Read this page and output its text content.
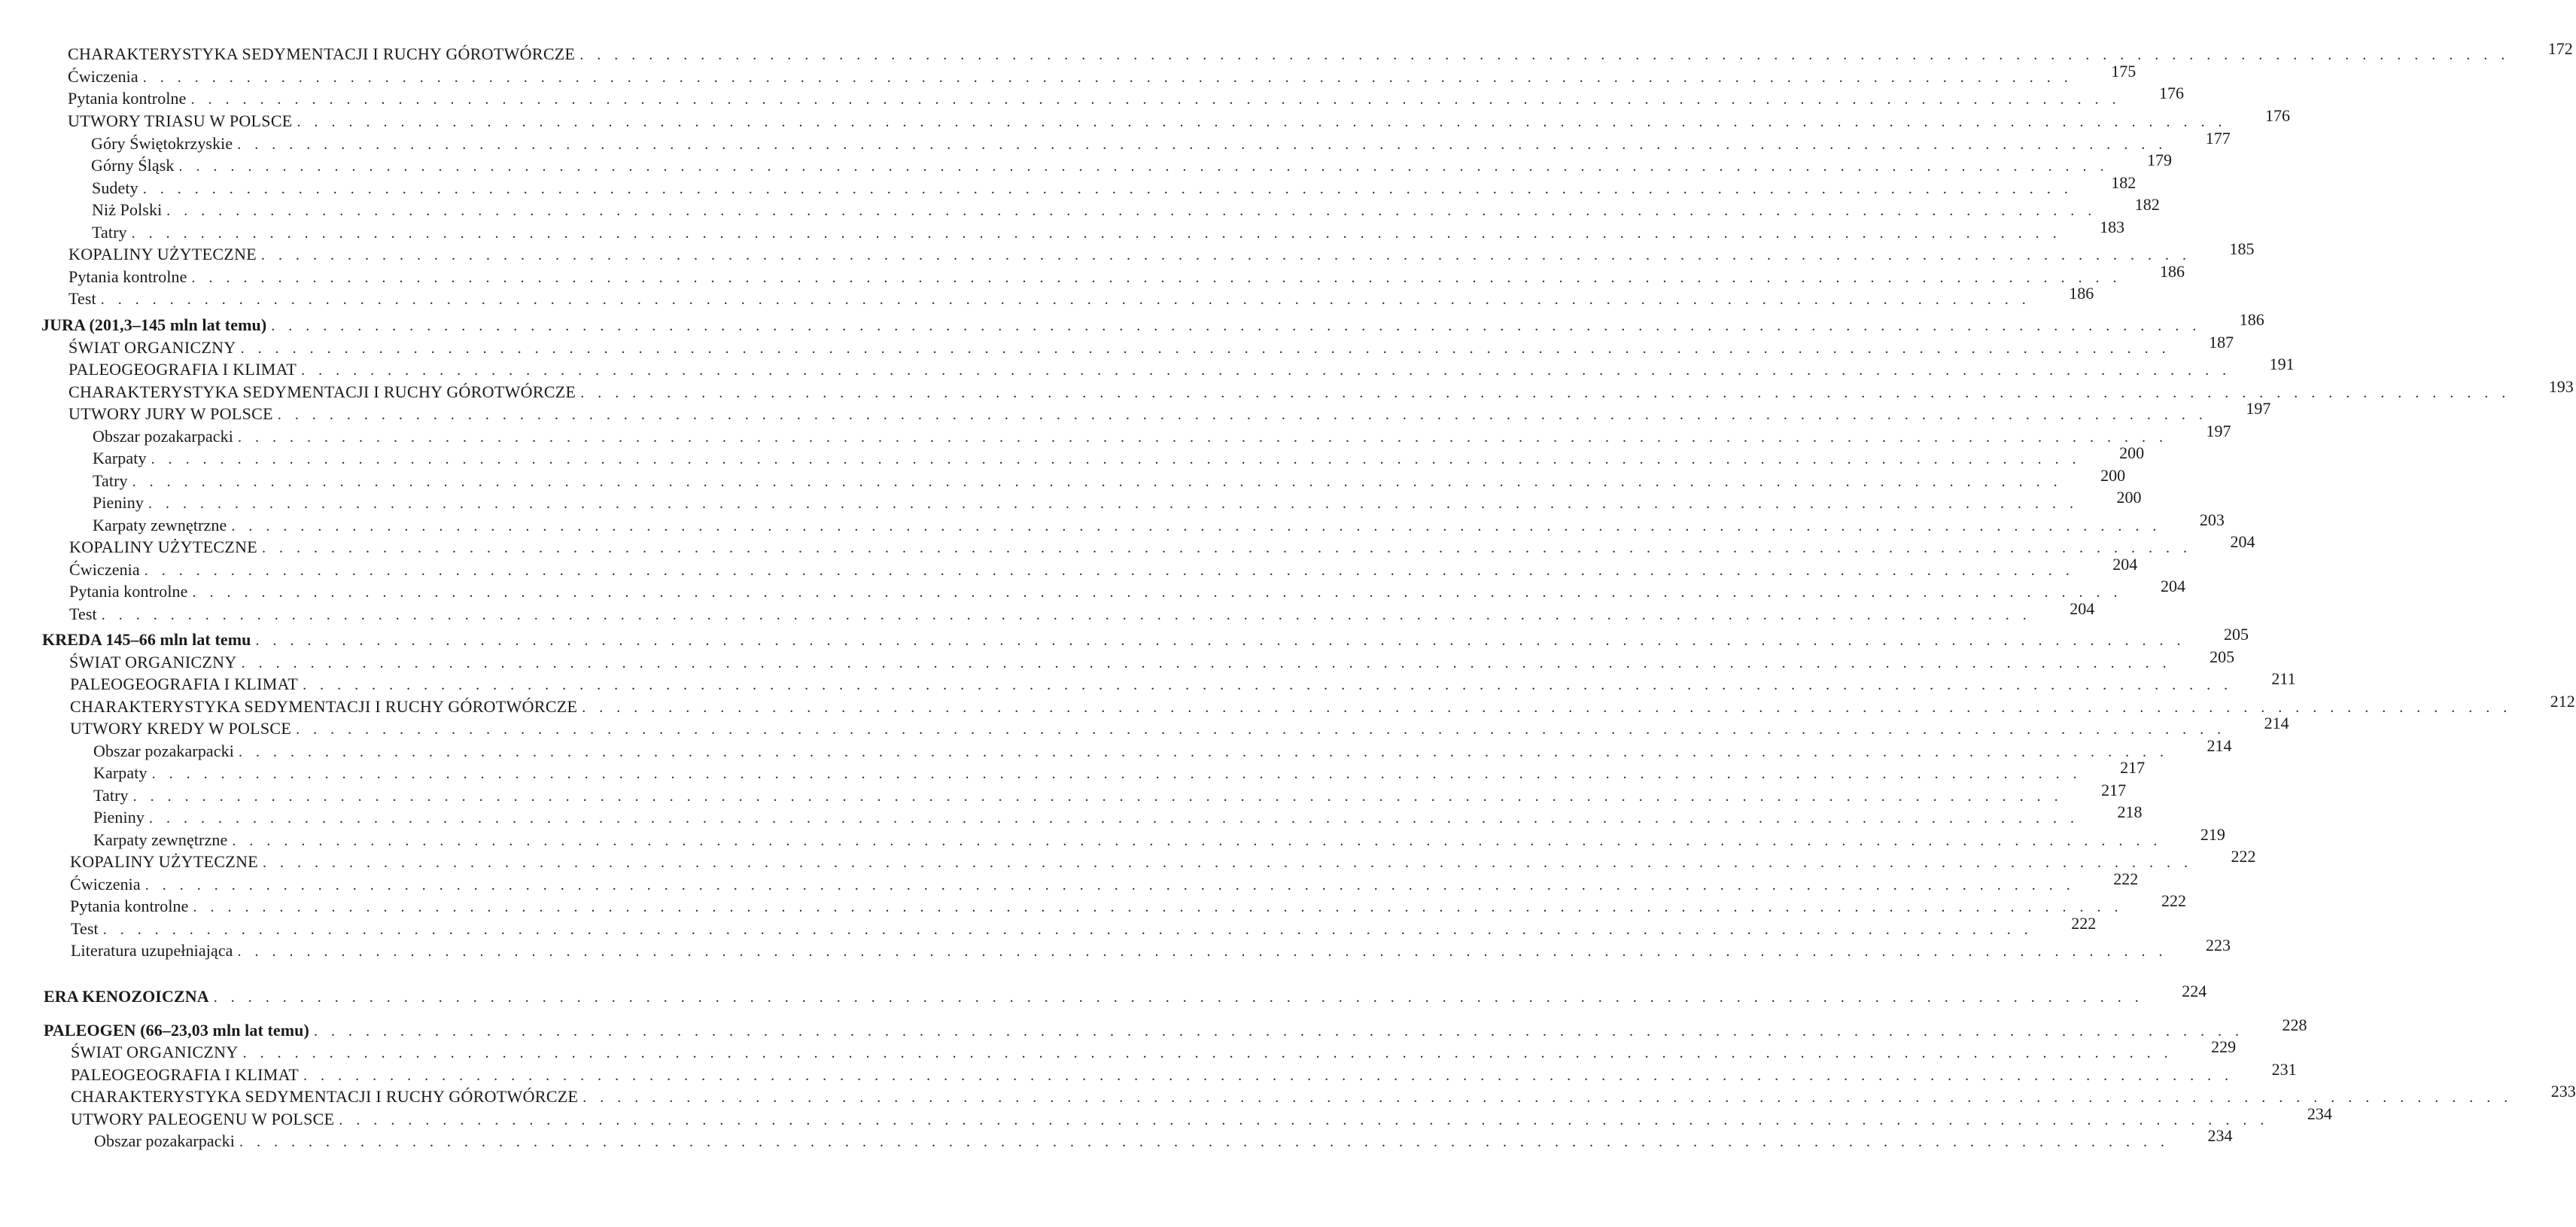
CHARAKTERYSTYKA SEDYMENTACJI I RUCHY GÓROTWÓRCZE . . .	172
Ćwiczenia . . .	175
Pytania kontrolne . . .	176
UTWORY TRIASU W POLSCE . . .	176
Góry Świętokrzyskie . . .	177
Górny Śląsk . . .	179
Sudety . . .	182
Niż Polski . . .	182
Tatry . . .	183
KOPALINY UŻYTECZNE . . .	185
Pytania kontrolne . . .	186
Test . . .	186
JURA (201,3–145 mln lat temu) . . .	186
ŚWIAT ORGANICZNY . . .	187
PALEOGEOGRAFIA I KLIMAT . . .	191
CHARAKTERYSTYKA SEDYMENTACJI I RUCHY GÓROTWÓRCZE . . .	193
UTWORY JURY W POLSCE . . .	197
Obszar pozakarpacki . . .	197
Karpaty . . .	200
Tatry . . .	200
Pieniny . . .	200
Karpaty zewnętrzne . . .	203
KOPALINY UŻYTECZNE . . .	204
Ćwiczenia . . .	204
Pytania kontrolne . . .	204
Test . . .	204
KREDA 145–66 mln lat temu . . .	205
ŚWIAT ORGANICZNY . . .	205
PALEOGEOGRAFIA I KLIMAT . . .	211
CHARAKTERYSTYKA SEDYMENTACJI I RUCHY GÓROTWÓRCZE . . .	212
UTWORY KREDY W POLSCE . . .	214
Obszar pozakarpacki . . .	214
Karpaty . . .	217
Tatry . . .	217
Pieniny . . .	218
Karpaty zewnętrzne . . .	219
KOPALINY UŻYTECZNE . . .	222
Ćwiczenia . . .	222
Pytania kontrolne . . .	222
Test . . .	222
Literatura uzupełniająca . . .	223
ERA KENOZOICZNA . . .	224
PALEOGEN (66–23,03 mln lat temu) . . .	228
ŚWIAT ORGANICZNY . . .	229
PALEOGEOGRAFIA I KLIMAT . . .	231
CHARAKTERYSTYKA SEDYMENTACJI I RUCHY GÓROTWÓRCZE . . .	233
UTWORY PALEOGENU W POLSCE . . .	234
Obszar pozakarpacki . . .	234
